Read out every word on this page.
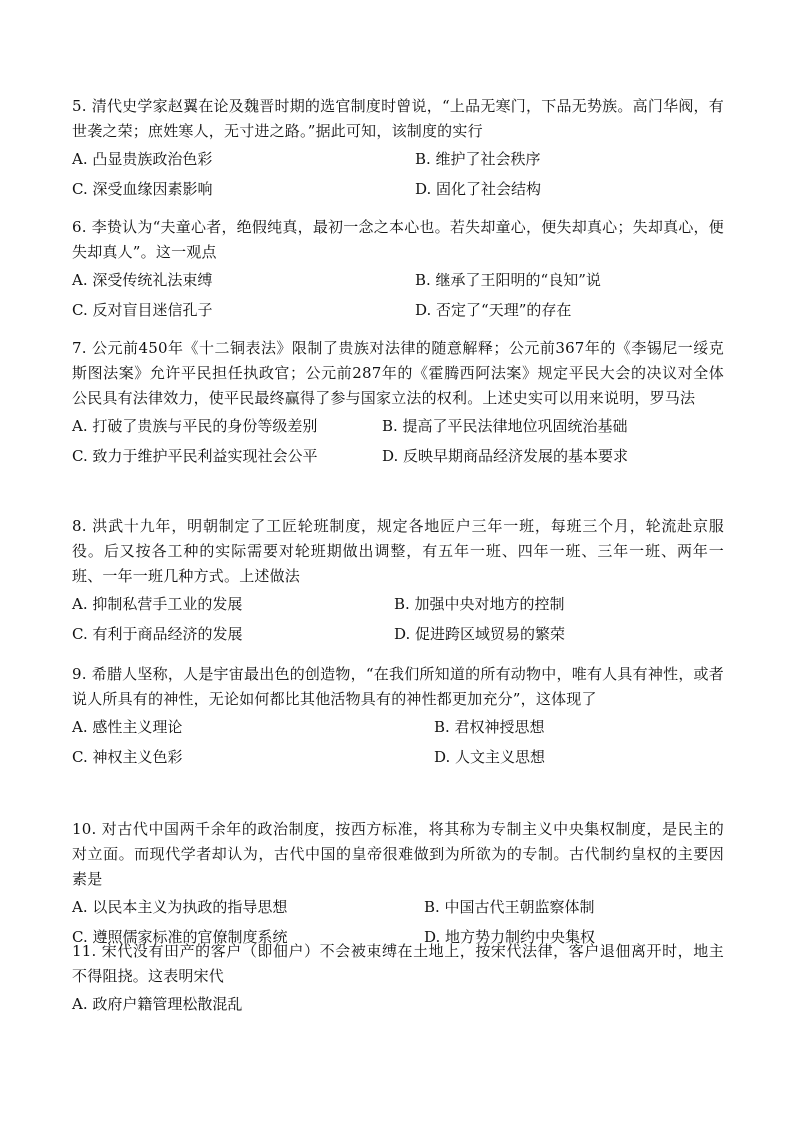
5. 清代史学家赵翼在论及魏晋时期的选官制度时曾说，“上品无寒门，下品无势族。高门华阀，有世袭之荣；庶姓寒人，无寸进之路。”据此可知，该制度的实行
A. 凸显贵族政治色彩	B. 维护了社会秩序
C. 深受血缘因素影响	D. 固化了社会结构
6. 李贽认为“夫童心者，绝假纯真，最初一念之本心也。若失却童心，便失却真心；失却真心，便失却真人”。这一观点
A. 深受传统礼法束缚	B. 继承了王阳明的“良知”说
C. 反对盲目迷信孔子	D. 否定了“天理”的存在
7. 公元前450年《十二铜表法》限制了贵族对法律的随意解释；公元前367年的《李锡尼一绥克斯图法案》允许平民担任执政官；公元前287年的《霍腾西阿法案》规定平民大会的决议对全体公民具有法律效力，使平民最终赢得了参与国家立法的权利。上述史实可以用来说明，罗马法
A. 打破了贵族与平民的身份等级差别	B. 提高了平民法律地位巩固统治基础
C. 致力于维护平民利益实现社会公平	D. 反映早期商品经济发展的基本要求
8. 洪武十九年，明朝制定了工匠轮班制度，规定各地匠户三年一班，每班三个月，轮流赴京服役。后又按各工种的实际需要对轮班期做出调整，有五年一班、四年一班、三年一班、两年一班、一年一班几种方式。上述做法
A. 抑制私营手工业的发展	B. 加强中央对地方的控制
C. 有利于商品经济的发展	D. 促进跨区域贸易的繁荣
9. 希腊人坚称，人是宇宙最出色的创造物，“在我们所知道的所有动物中，唯有人具有神性，或者说人所具有的神性，无论如何都比其他活物具有的神性都更加充分”，这体现了
A. 感性主义理论	B. 君权神授思想
C. 神权主义色彩	D. 人文主义思想
10. 对古代中国两千余年的政治制度，按西方标准，将其称为专制主义中央集权制度，是民主的对立面。而现代学者却认为，古代中国的皇帝很难做到为所欲为的专制。古代制约皇权的主要因素是
A. 以民本主义为执政的指导思想	B. 中国古代王朝监察体制
C. 遵照儒家标准的官僚制度系统	D. 地方势力制约中央集权
11. 宋代没有田产的客户（即佃户）不会被束缚在土地上，按宋代法律，客户退佃离开时，地主不得阻挠。这表明宋代
A. 政府户籍管理松散混乱
